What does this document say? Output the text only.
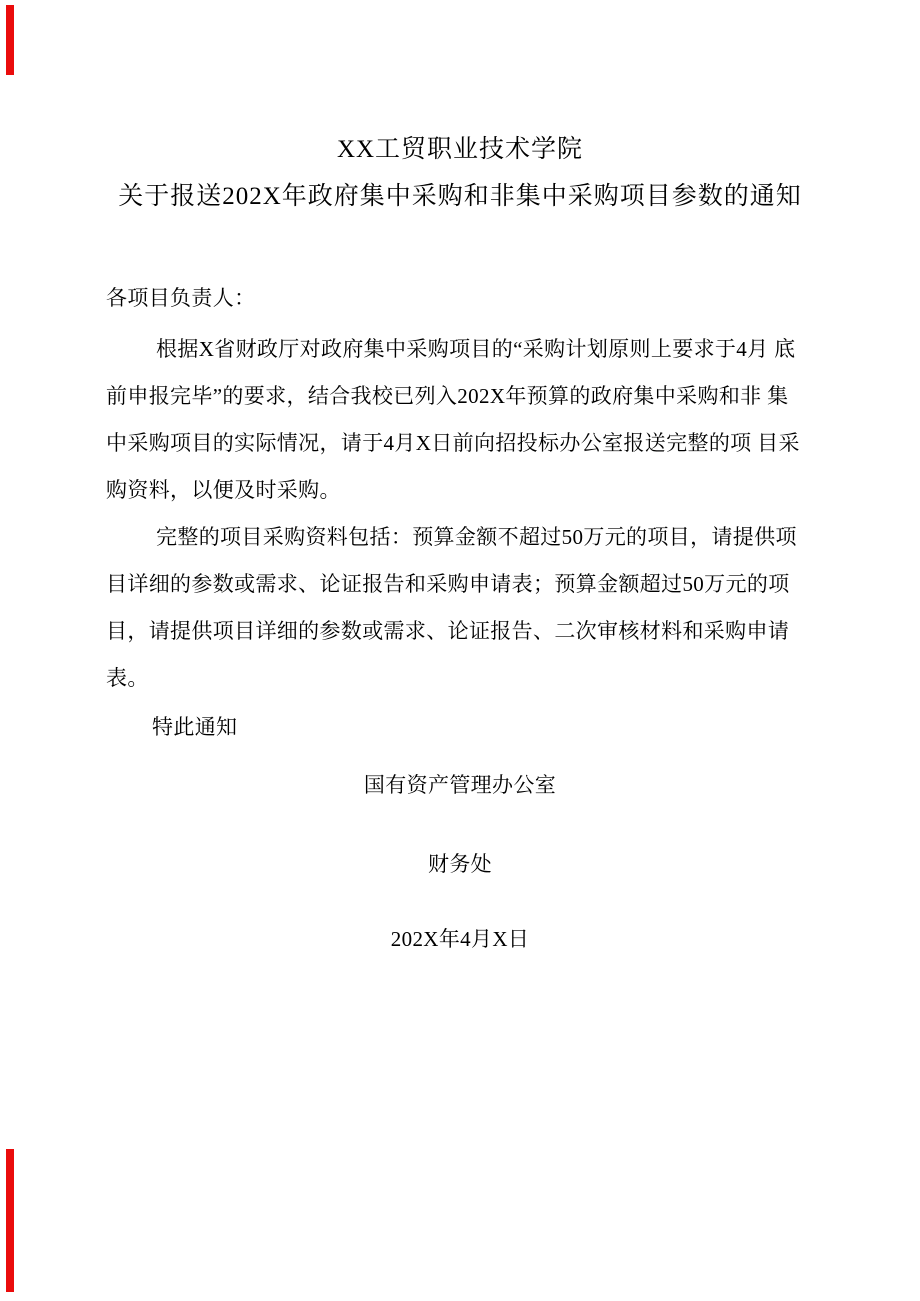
XX工贸职业技术学院
关于报送202X年政府集中采购和非集中采购项目参数的通知
各项目负责人：
根据X省财政厅对政府集中采购项目的“采购计划原则上要求于4月 底
前申报完毕”的要求，结合我校已列入202X年预算的政府集中采购和非 集
中采购项目的实际情况，请于4月X日前向招投标办公室报送完整的项 目采
购资料，以便及时采购。
完整的项目采购资料包括：预算金额不超过50万元的项目，请提供项
目详细的参数或需求、论证报告和采购申请表；预算金额超过50万元的项
目，请提供项目详细的参数或需求、论证报告、二次审核材料和采购申请
表。
特此通知
国有资产管理办公室
财务处
202X年4月X日
